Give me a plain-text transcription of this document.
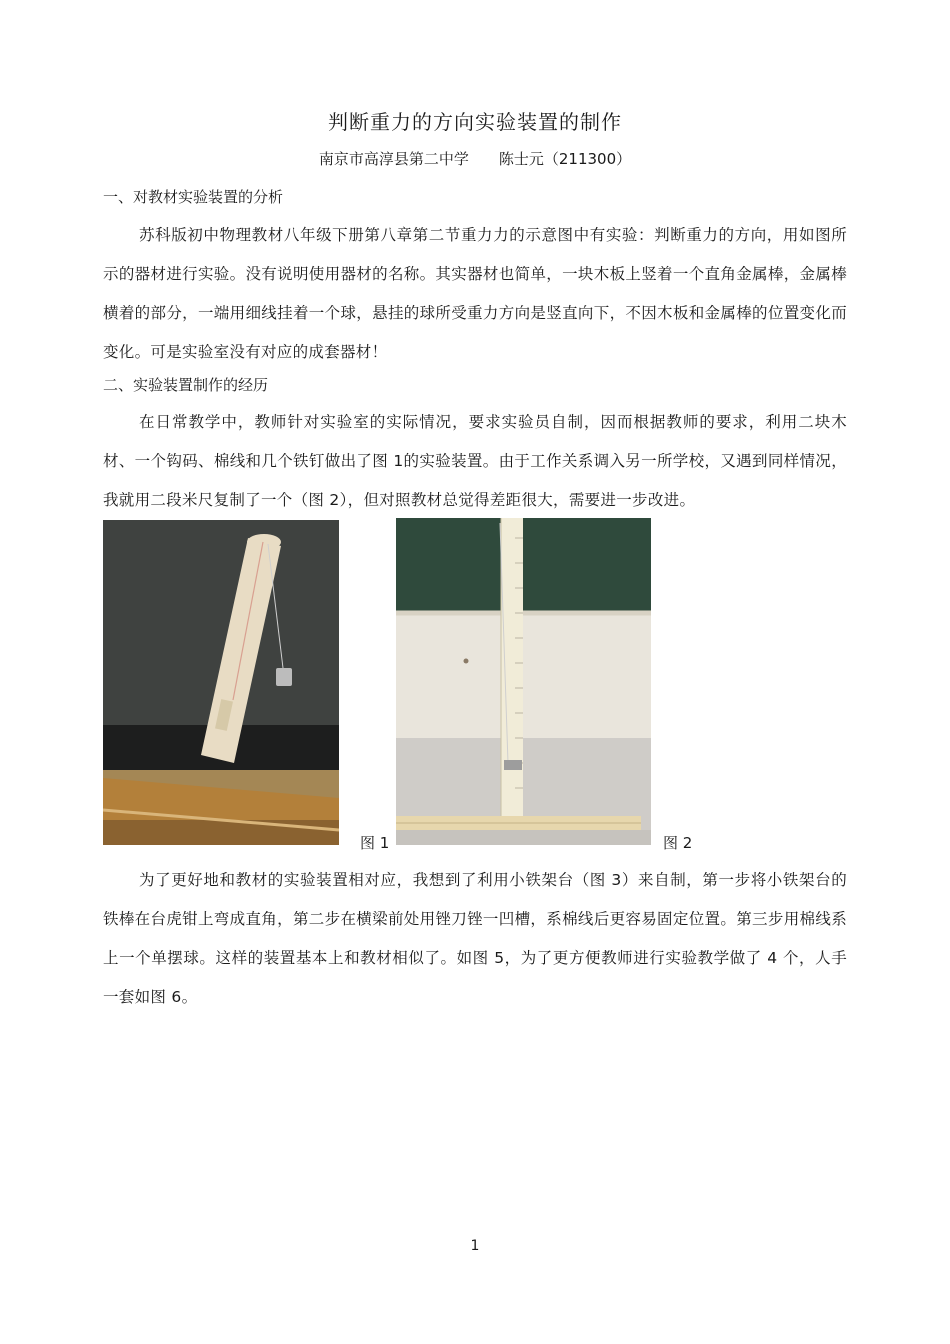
判断重力的方向实验装置的制作
南京市高淳县第二中学 陈士元（211300）
一、对教材实验装置的分析
苏科版初中物理教材八年级下册第八章第二节重力力的示意图中有实验：判断重力的方向，用如图所示的器材进行实验。没有说明使用器材的名称。其实器材也简单，一块木板上竖着一个直角金属棒，金属棒横着的部分，一端用细线挂着一个球，悬挂的球所受重力方向是竖直向下，不因木板和金属棒的位置变化而变化。可是实验室没有对应的成套器材！
二、实验装置制作的经历
在日常教学中，教师针对实验室的实际情况，要求实验员自制，因而根据教师的要求，利用二块木材、一个钩码、棉线和几个铁钉做出了图 1的实验装置。由于工作关系调入另一所学校，又遇到同样情况，我就用二段米尺复制了一个（图 2），但对照教材总觉得差距很大，需要进一步改进。
图 1	图 2
为了更好地和教材的实验装置相对应，我想到了利用小铁架台（图 3）来自制，第一步将小铁架台的铁棒在台虎钳上弯成直角，第二步在横梁前处用锉刀锉一凹槽，系棉线后更容易固定位置。第三步用棉线系上一个单摆球。这样的装置基本上和教材相似了。如图 5，为了更方便教师进行实验教学做了 4 个，人手一套如图 6。
1
